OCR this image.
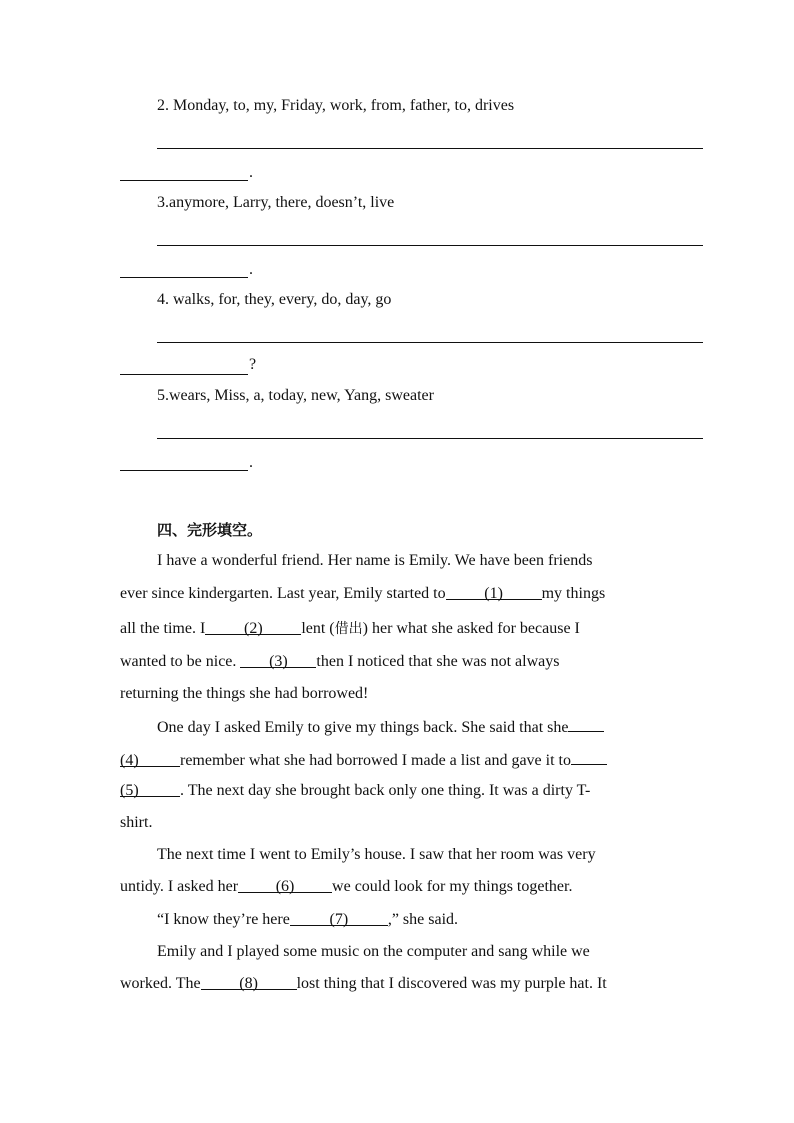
2. Monday, to, my, Friday, work, from, father, to, drives
.
3.anymore, Larry, there, doesn’t, live
.
4. walks, for, they, every, do, day, go
?
5.wears, Miss, a, today, new, Yang, sweater
.
四、完形填空。
I have a wonderful friend. Her name is Emily. We have been friends
ever since kindergarten. Last year, Emily started to (1) my things
all the time. I (2) lent (借出) her what she asked for because I
wanted to be nice. (3) then I noticed that she was not always
returning the things she had borrowed!
One day I asked Emily to give my things back. She said that she
(4)	remember what she had borrowed I made a list and gave it to
(5)	. The next day she brought back only one thing. It was a dirty T-
shirt.
The next time I went to Emily’s house. I saw that her room was very
untidy. I asked her (6) we could look for my things together.
“I know they’re here (7) ,” she said.
Emily and I played some music on the computer and sang while we
worked. The (8) lost thing that I discovered was my purple hat. It
